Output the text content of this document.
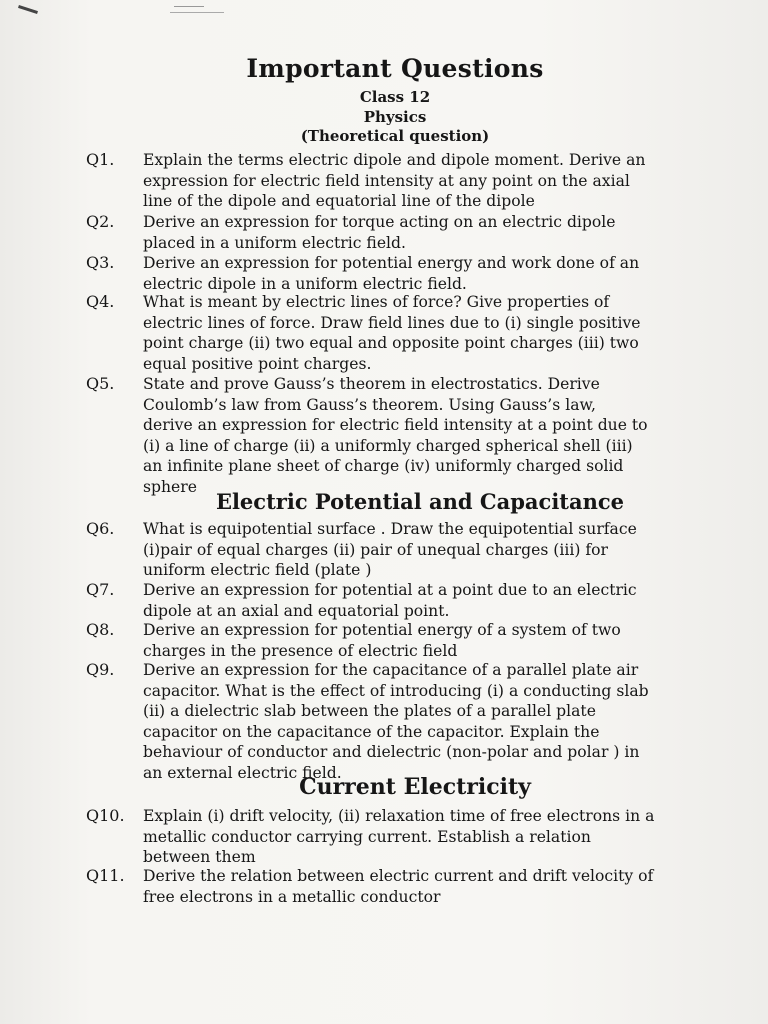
Important Questions
Class 12
Physics
(Theoretical question)
Q1. Explain the terms electric dipole and dipole moment. Derive an
expression for electric field intensity at any point on the axial
line of the dipole and equatorial line of the dipole
Q2. Derive an expression for torque acting on an electric dipole
placed in a uniform electric field.
Q3. Derive an expression for potential energy and work done of an
electric dipole in a uniform electric field.
Q4. What is meant by electric lines of force? Give properties of
electric lines of force. Draw field lines due to (i) single positive
point charge (ii) two equal and opposite point charges (iii) two
equal positive point charges.
Q5. State and prove Gauss’s theorem in electrostatics. Derive
Coulomb’s law from Gauss’s theorem. Using Gauss’s law,
derive an expression for electric field intensity at a point due to
(i) a line of charge (ii) a uniformly charged spherical shell (iii)
an infinite plane sheet of charge (iv) uniformly charged solid
sphere
Electric Potential and Capacitance
Q6. What is equipotential surface . Draw the equipotential surface
(i)pair of equal charges (ii) pair of unequal charges (iii) for
uniform electric field (plate )
Q7. Derive an expression for potential at a point due to an electric
dipole at an axial and equatorial point.
Q8. Derive an expression for potential energy of a system of two
charges in the presence of electric field
Q9. Derive an expression for the capacitance of a parallel plate air
capacitor. What is the effect of introducing (i) a conducting slab
(ii) a dielectric slab between the plates of a parallel plate
capacitor on the capacitance of the capacitor. Explain the
behaviour of conductor and dielectric (non-polar and polar ) in
an external electric field.
Current Electricity
Q10. Explain (i) drift velocity, (ii) relaxation time of free electrons in a
metallic conductor carrying current. Establish a relation
between them
Q11. Derive the relation between electric current and drift velocity of
free electrons in a metallic conductor
